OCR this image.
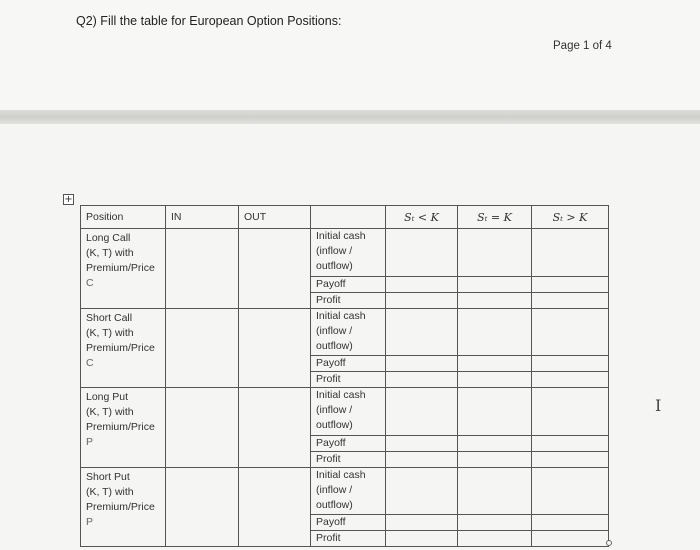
Q2) Fill the table for European Option Positions:
Page 1 of 4
+
I
Position	IN	OUT		Sₜ < K	Sₜ = K	Sₜ > K

Long Call
(K, T) with
Premium/Price
C			Initial cash
(inflow /
outflow)			

			Payoff			
			Profit			

Short Call
(K, T) with
Premium/Price
C			Initial cash
(inflow /
outflow)			

			Payoff			
			Profit			

Long Put
(K, T) with
Premium/Price
P			Initial cash
(inflow /
outflow)			

			Payoff			
			Profit			

Short Put
(K, T) with
Premium/Price
P			Initial cash
(inflow /
outflow)			

			Payoff			
			Profit			
